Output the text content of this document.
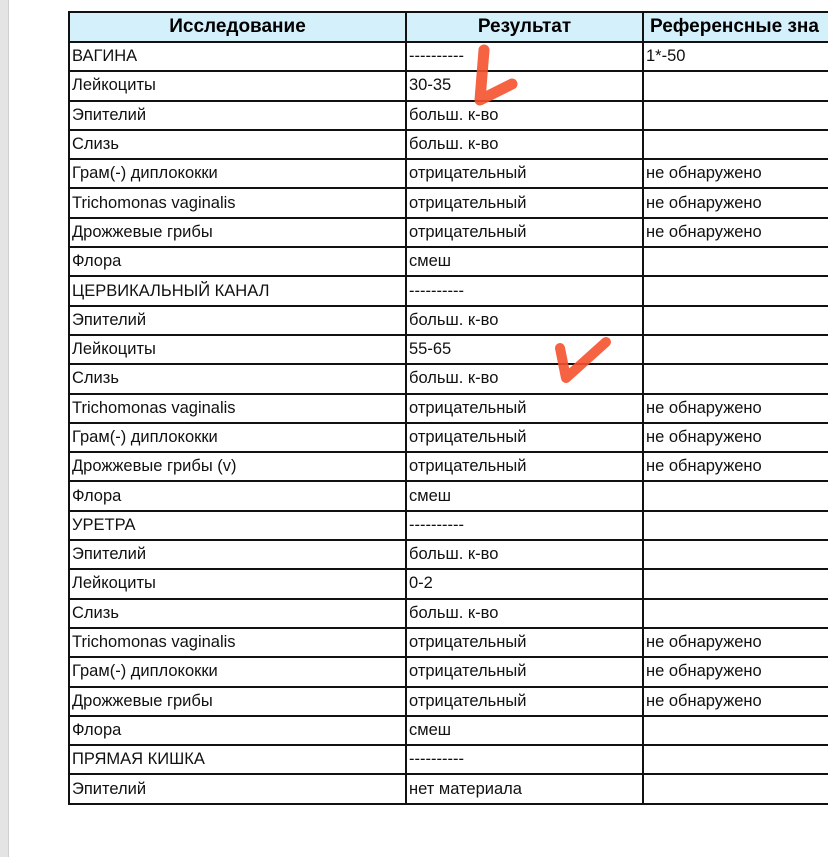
Исследование	Результат	Референсные зна
ВАГИНА	----------	1*-50
Лейкоциты	30-35	
Эпителий	больш. к-во	
Слизь	больш. к-во	
Грам(-) диплококки	отрицательный	не обнаружено
Trichomonas vaginalis	отрицательный	не обнаружено
Дрожжевые грибы	отрицательный	не обнаружено
Флора	смеш	
ЦЕРВИКАЛЬНЫЙ КАНАЛ	----------	
Эпителий	больш. к-во	
Лейкоциты	55-65	
Слизь	больш. к-во	
Trichomonas vaginalis	отрицательный	не обнаружено
Грам(-) диплококки	отрицательный	не обнаружено
Дрожжевые грибы (v)	отрицательный	не обнаружено
Флора	смеш	
УРЕТРА	----------	
Эпителий	больш. к-во	
Лейкоциты	0-2	
Слизь	больш. к-во	
Trichomonas vaginalis	отрицательный	не обнаружено
Грам(-) диплококки	отрицательный	не обнаружено
Дрожжевые грибы	отрицательный	не обнаружено
Флора	смеш	
ПРЯМАЯ КИШКА	----------	
Эпителий	нет материала	
